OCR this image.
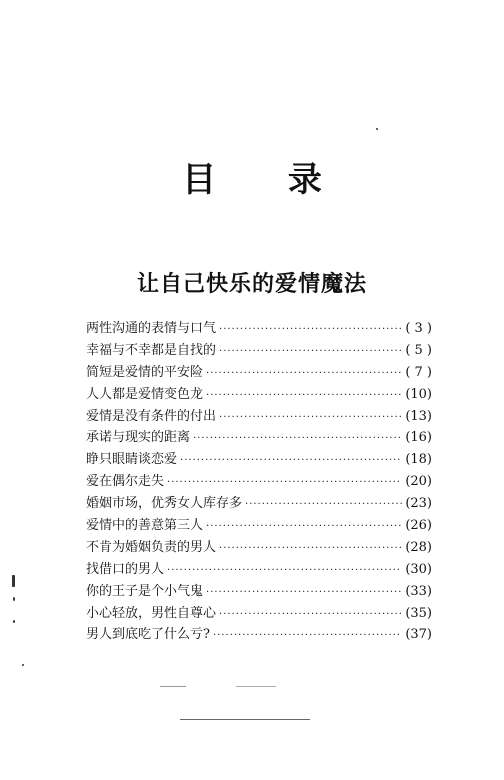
目 录
让自己快乐的爱情魔法
两性沟通的表情与口气 ·····	( 3 )
幸福与不幸都是自找的 ·····	( 5 )
简短是爱情的平安险 ·····	( 7 )
人人都是爱情变色龙 ·····	(10)
爱情是没有条件的付出 ·····	(13)
承诺与现实的距离 ·····	(16)
睁只眼睛谈恋爱 ·····	(18)
爱在偶尔走失 ·····	(20)
婚姻市场，优秀女人库存多 ·····	(23)
爱情中的善意第三人 ·····	(26)
不肯为婚姻负责的男人 ·····	(28)
找借口的男人 ·····	(30)
你的王子是个小气鬼 ·····	(33)
小心轻放，男性自尊心 ·····	(35)
男人到底吃了什么亏? ·····	(37)
